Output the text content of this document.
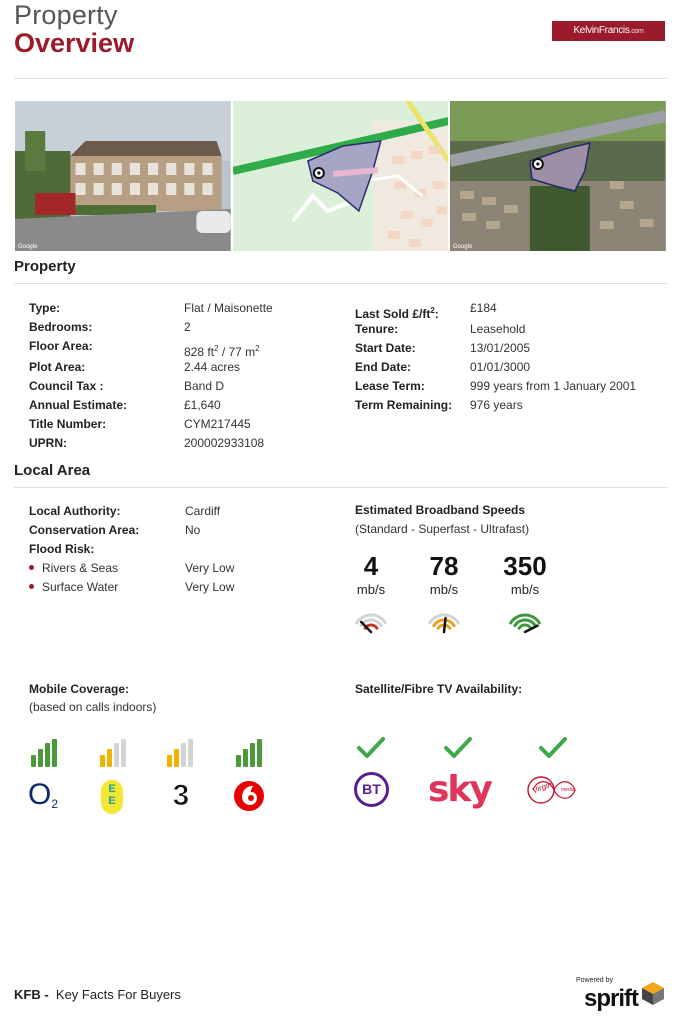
Property
Overview	KelvinFrancis.com
Google	Google
Property
Type:	Flat / Maisonette
Bedrooms:	2
Floor Area:	828 $ft^2 / 77$ $m^2$
Plot Area:	2.44 acres
Council Tax :	Band D
Annual Estimate:	£1,640
Title Number:	CYM217445
UPRN:	200002933108
Last Sold $£/ft^2$:	£184
Tenure:	Leasehold
Start Date:	13/01/2005
End Date:	01/01/3000
Lease Term:	999 years from 1 January 2001
Term Remaining:	976 years
Local Area
Local Authority:	Cardiff
Conservation Area:	No
Flood Risk:
Rivers & Seas	Very Low
Surface Water	Very Low
Estimated Broadband Speeds
(Standard - Superfast - Ultrafast)
4
mb/s
78
mb/s
350
mb/s
Mobile Coverage:
(based on calls indoors)
$O_2$
EE 3
Satellite/Fibre TV Availability:
BT sky	Virgin media
KFB - Key Facts For Buyers
Powered by
sprift
